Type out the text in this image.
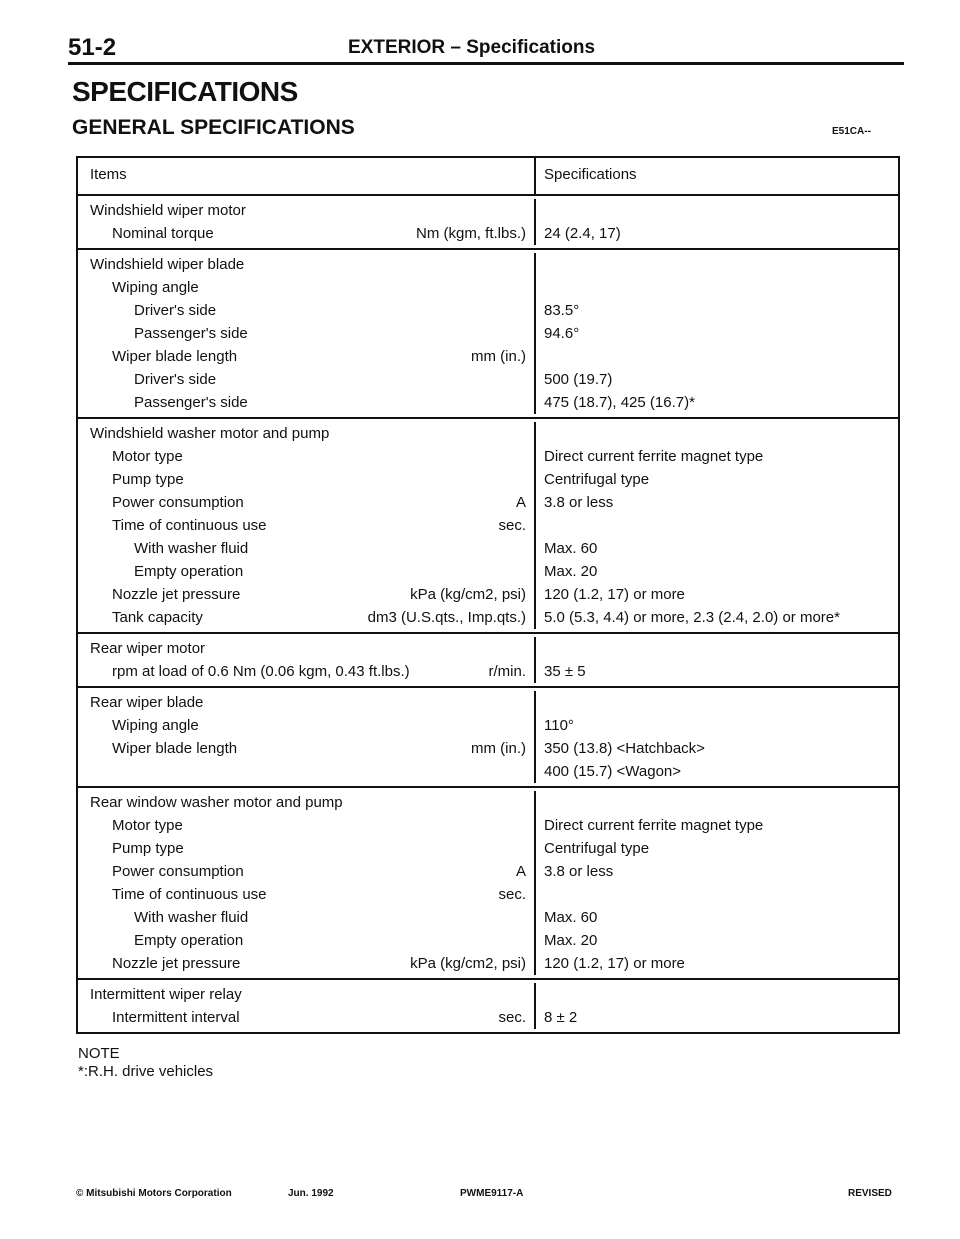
51-2	EXTERIOR – Specifications
SPECIFICATIONS
GENERAL SPECIFICATIONS	E51CA--
Items	Specifications
Windshield wiper motor
Nominal torque	Nm (kgm, ft.lbs.)	24 (2.4, 17)
Windshield wiper blade
Wiping angle
Driver's side	83.5°
Passenger's side	94.6°
Wiper blade length	mm (in.)
Driver's side	500 (19.7)
Passenger's side	475 (18.7), 425 (16.7)*
Windshield washer motor and pump
Motor type	Direct current ferrite magnet type
Pump type	Centrifugal type
Power consumption	A	3.8 or less
Time of continuous use	sec.
With washer fluid	Max. 60
Empty operation	Max. 20
Nozzle jet pressure	kPa (kg/cm2, psi)	120 (1.2, 17) or more
Tank capacity	dm3 (U.S.qts., Imp.qts.)	5.0 (5.3, 4.4) or more, 2.3 (2.4, 2.0) or more*
Rear wiper motor
rpm at load of 0.6 Nm (0.06 kgm, 0.43 ft.lbs.)	r/min.	35 ± 5
Rear wiper blade
Wiping angle	110°
Wiper blade length	mm (in.)	350 (13.8) <Hatchback>
400 (15.7) <Wagon>
Rear window washer motor and pump
Motor type	Direct current ferrite magnet type
Pump type	Centrifugal type
Power consumption	A	3.8 or less
Time of continuous use	sec.
With washer fluid	Max. 60
Empty operation	Max. 20
Nozzle jet pressure	kPa (kg/cm2, psi)	120 (1.2, 17) or more
Intermittent wiper relay
Intermittent interval	sec.	8 ± 2
NOTE
*:R.H. drive vehicles
© Mitsubishi Motors Corporation	Jun. 1992	PWME9117-A	REVISED
